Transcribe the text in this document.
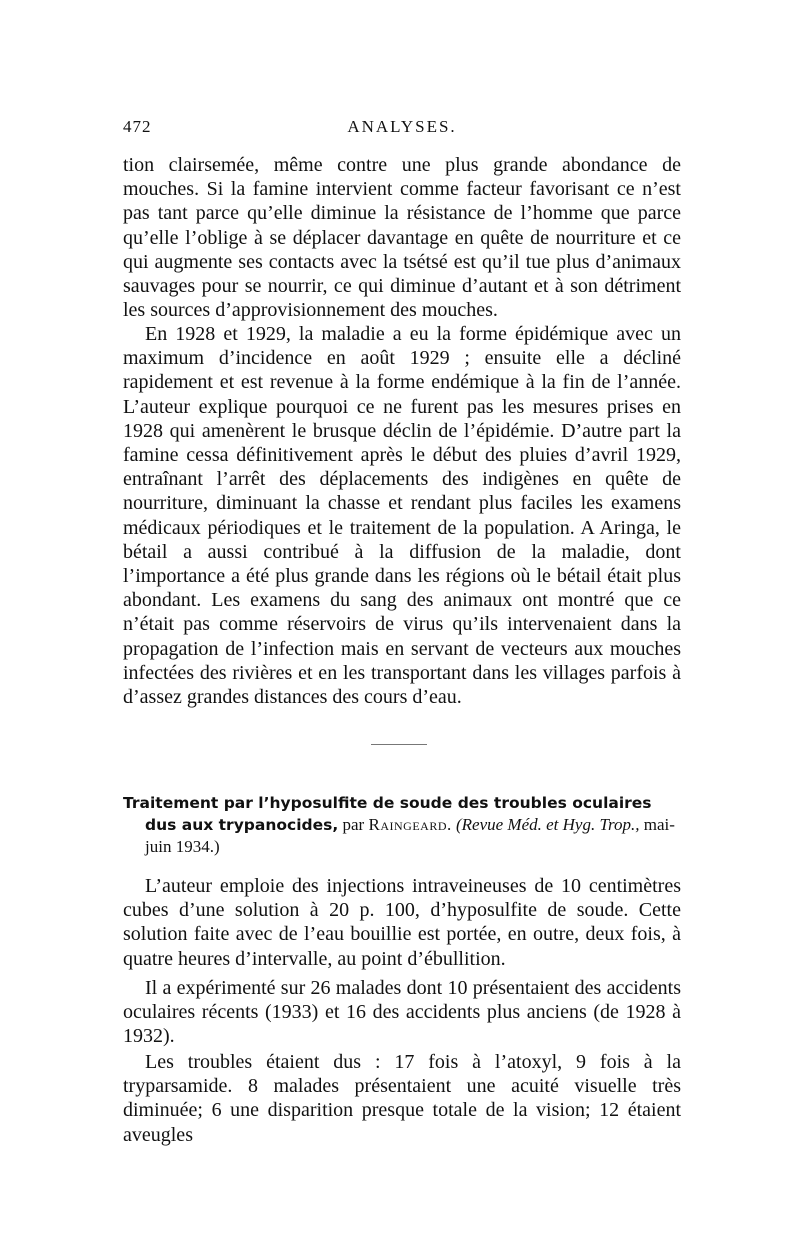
472	ANALYSES.

tion clairsemée, même contre une plus grande abondance de mouches. Si la famine intervient comme facteur favorisant ce n’est pas tant parce qu’elle diminue la résistance de l’homme que parce qu’elle l’oblige à se déplacer davantage en quête de nourriture et ce qui augmente ses contacts avec la tsétsé est qu’il tue plus d’animaux sauvages pour se nourrir, ce qui diminue d’autant et à son détriment les sources d’approvisionnement des mouches.

En 1928 et 1929, la maladie a eu la forme épidémique avec un maximum d’incidence en août 1929 ; ensuite elle a décliné rapidement et est revenue à la forme endémique à la fin de l’année. L’auteur explique pourquoi ce ne furent pas les mesures prises en 1928 qui amenèrent le brusque déclin de l’épidémie. D’autre part la famine cessa définitivement après le début des pluies d’avril 1929, entraînant l’arrêt des déplacements des indigènes en quête de nourriture, diminuant la chasse et rendant plus faciles les examens médicaux périodiques et le traitement de la population. A Aringa, le bétail a aussi contribué à la diffusion de la maladie, dont l’importance a été plus grande dans les régions où le bétail était plus abondant. Les examens du sang des animaux ont montré que ce n’était pas comme réservoirs de virus qu’ils intervenaient dans la propagation de l’infection mais en servant de vecteurs aux mouches infectées des rivières et en les transportant dans les villages parfois à d’assez grandes distances des cours d’eau.

Traitement par l’hyposulfite de soude des troubles oculaires
dus aux trypanocides, par Raingeard. (Revue Méd. et Hyg. Trop., mai-juin 1934.)

L’auteur emploie des injections intraveineuses de 10 centimètres cubes d’une solution à 20 p. 100, d’hyposulfite de soude. Cette solution faite avec de l’eau bouillie est portée, en outre, deux fois, à quatre heures d’intervalle, au point d’ébullition.

Il a expérimenté sur 26 malades dont 10 présentaient des accidents oculaires récents (1933) et 16 des accidents plus anciens (de 1928 à 1932).

Les troubles étaient dus : 17 fois à l’atoxyl, 9 fois à la tryparsamide. 8 malades présentaient une acuité visuelle très diminuée; 6 une disparition presque totale de la vision; 12 étaient aveugles
